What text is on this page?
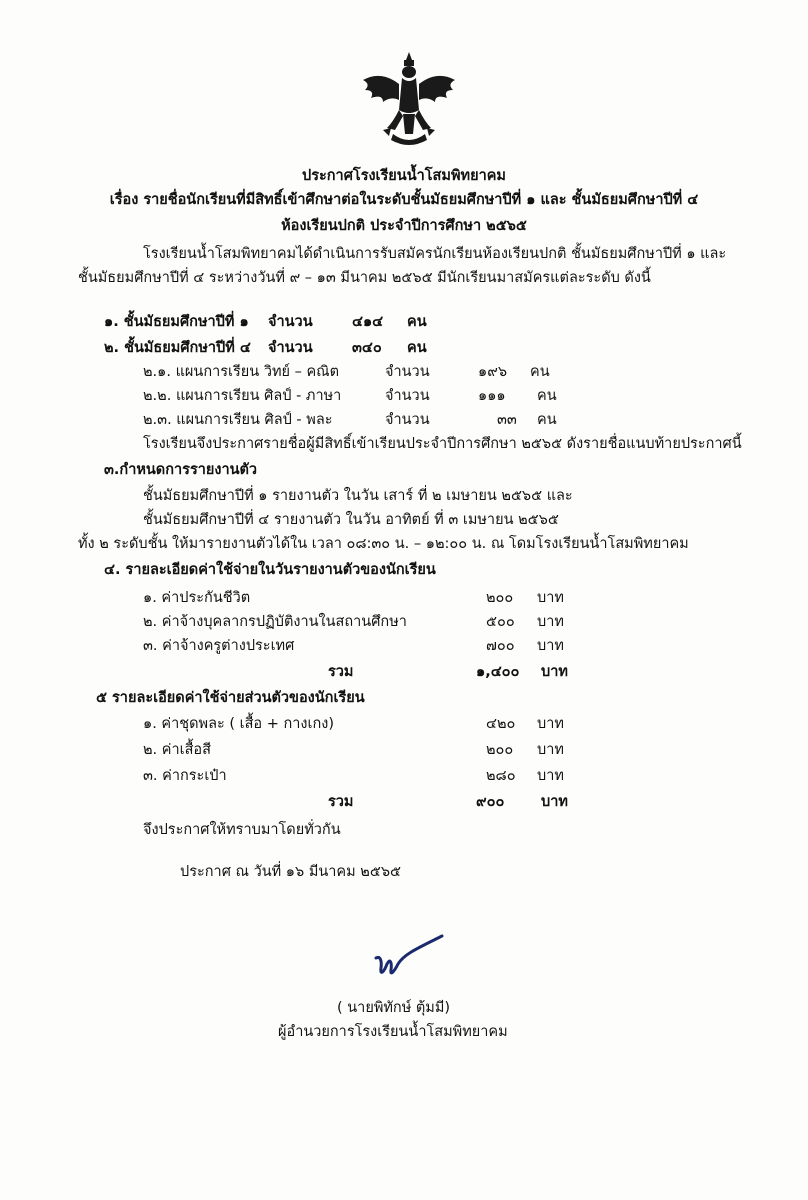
ประกาศโรงเรียนน้ำโสมพิทยาคม
เรื่อง รายชื่อนักเรียนที่มีสิทธิ์เข้าศึกษาต่อในระดับชั้นมัธยมศึกษาปีที่ ๑ และ ชั้นมัธยมศึกษาปีที่ ๔
ห้องเรียนปกติ ประจำปีการศึกษา ๒๕๖๕
โรงเรียนน้ำโสมพิทยาคมได้ดำเนินการรับสมัครนักเรียนห้องเรียนปกติ ชั้นมัธยมศึกษาปีที่ ๑ และ
ชั้นมัธยมศึกษาปีที่ ๔ ระหว่างวันที่ ๙ – ๑๓ มีนาคม ๒๕๖๕ มีนักเรียนมาสมัครแต่ละระดับ ดังนี้
๑. ชั้นมัธยมศึกษาปีที่ ๑ จำนวน	๔๑๔ คน
๒. ชั้นมัธยมศึกษาปีที่ ๔ จำนวน	๓๔๐ คน
๒.๑. แผนการเรียน วิทย์ – คณิต	จำนวน	๑๙๖ คน
๒.๒. แผนการเรียน ศิลป์ - ภาษา	จำนวน	๑๑๑ คน
๒.๓. แผนการเรียน ศิลป์ - พละ	จำนวน	๓๓ คน
โรงเรียนจึงประกาศรายชื่อผู้มีสิทธิ์เข้าเรียนประจำปีการศึกษา ๒๕๖๕ ดังรายชื่อแนบท้ายประกาศนี้
๓.กำหนดการรายงานตัว
ชั้นมัธยมศึกษาปีที่ ๑ รายงานตัว ในวัน เสาร์ ที่ ๒ เมษายน ๒๕๖๕ และ
ชั้นมัธยมศึกษาปีที่ ๔ รายงานตัว ในวัน อาทิตย์ ที่ ๓ เมษายน ๒๕๖๕
ทั้ง ๒ ระดับชั้น ให้มารายงานตัวได้ใน เวลา ๐๘:๓๐ น. – ๑๒:๐๐ น. ณ โดมโรงเรียนน้ำโสมพิทยาคม
๔. รายละเอียดค่าใช้จ่ายในวันรายงานตัวของนักเรียน
๑. ค่าประกันชีวิต	๒๐๐ บาท
๒. ค่าจ้างบุคลากรปฏิบัติงานในสถานศึกษา	๕๐๐ บาท
๓. ค่าจ้างครูต่างประเทศ	๗๐๐ บาท
รวม	๑,๔๐๐ บาท
๕ รายละเอียดค่าใช้จ่ายส่วนตัวของนักเรียน
๑. ค่าชุดพละ ( เสื้อ + กางเกง)	๔๒๐ บาท
๒. ค่าเสื้อสี	๒๐๐ บาท
๓. ค่ากระเป๋า	๒๘๐ บาท
รวม	๙๐๐	บาท
จึงประกาศให้ทราบมาโดยทั่วกัน
ประกาศ ณ วันที่ ๑๖ มีนาคม ๒๕๖๕
( นายพิทักษ์ ตุ้มมี)
ผู้อำนวยการโรงเรียนน้ำโสมพิทยาคม
